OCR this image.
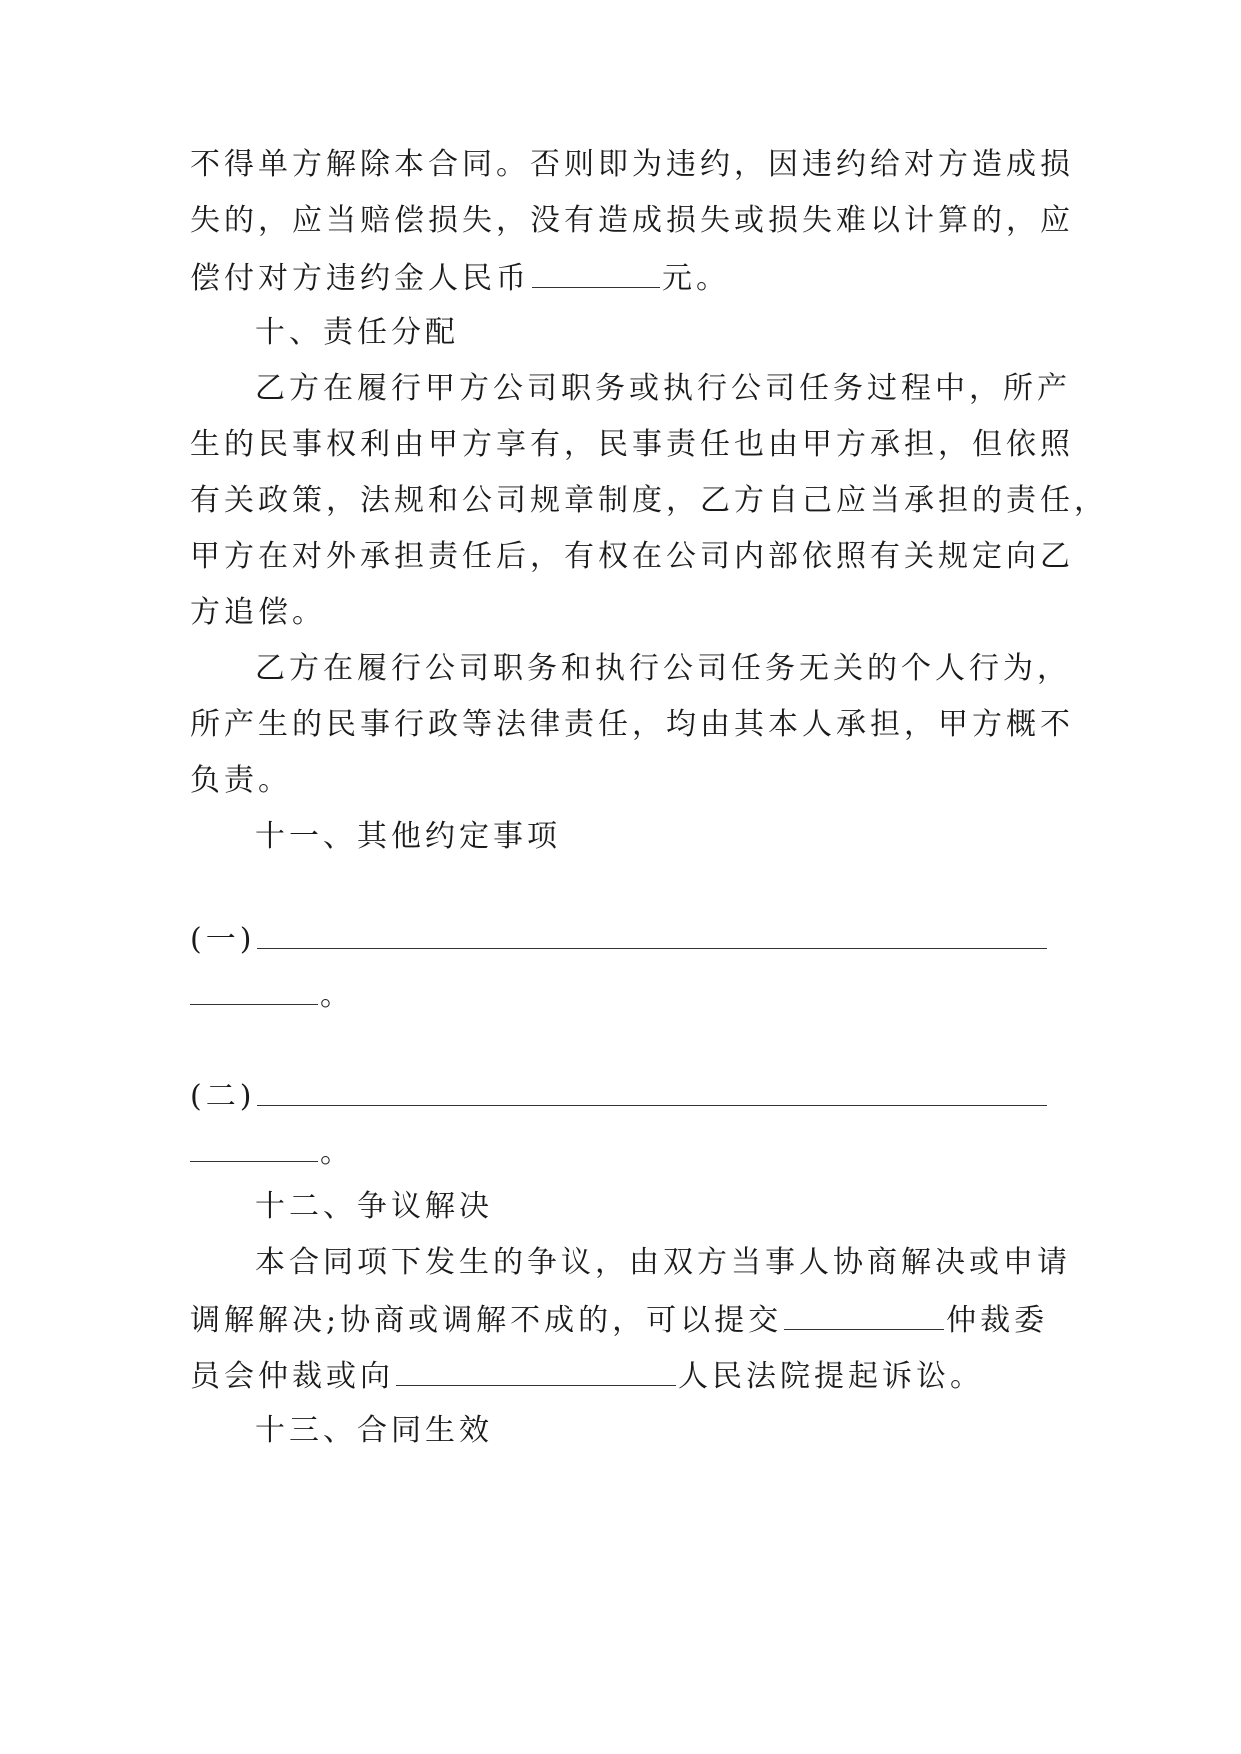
不得单方解除本合同。否则即为违约，因违约给对方造成损
失的，应当赔偿损失，没有造成损失或损失难以计算的，应
偿付对方违约金人民币	元。
十、责任分配
乙方在履行甲方公司职务或执行公司任务过程中，所产
生的民事权利由甲方享有，民事责任也由甲方承担，但依照
有关政策，法规和公司规章制度，乙方自己应当承担的责任，
甲方在对外承担责任后，有权在公司内部依照有关规定向乙
方追偿。
乙方在履行公司职务和执行公司任务无关的个人行为，
所产生的民事行政等法律责任，均由其本人承担，甲方概不
负责。
十一、其他约定事项
(一)
。
(二)
。
十二、争议解决
本合同项下发生的争议，由双方当事人协商解决或申请
调解解决;协商或调解不成的，可以提交	仲裁委
员会仲裁或向	人民法院提起诉讼。
十三、合同生效
